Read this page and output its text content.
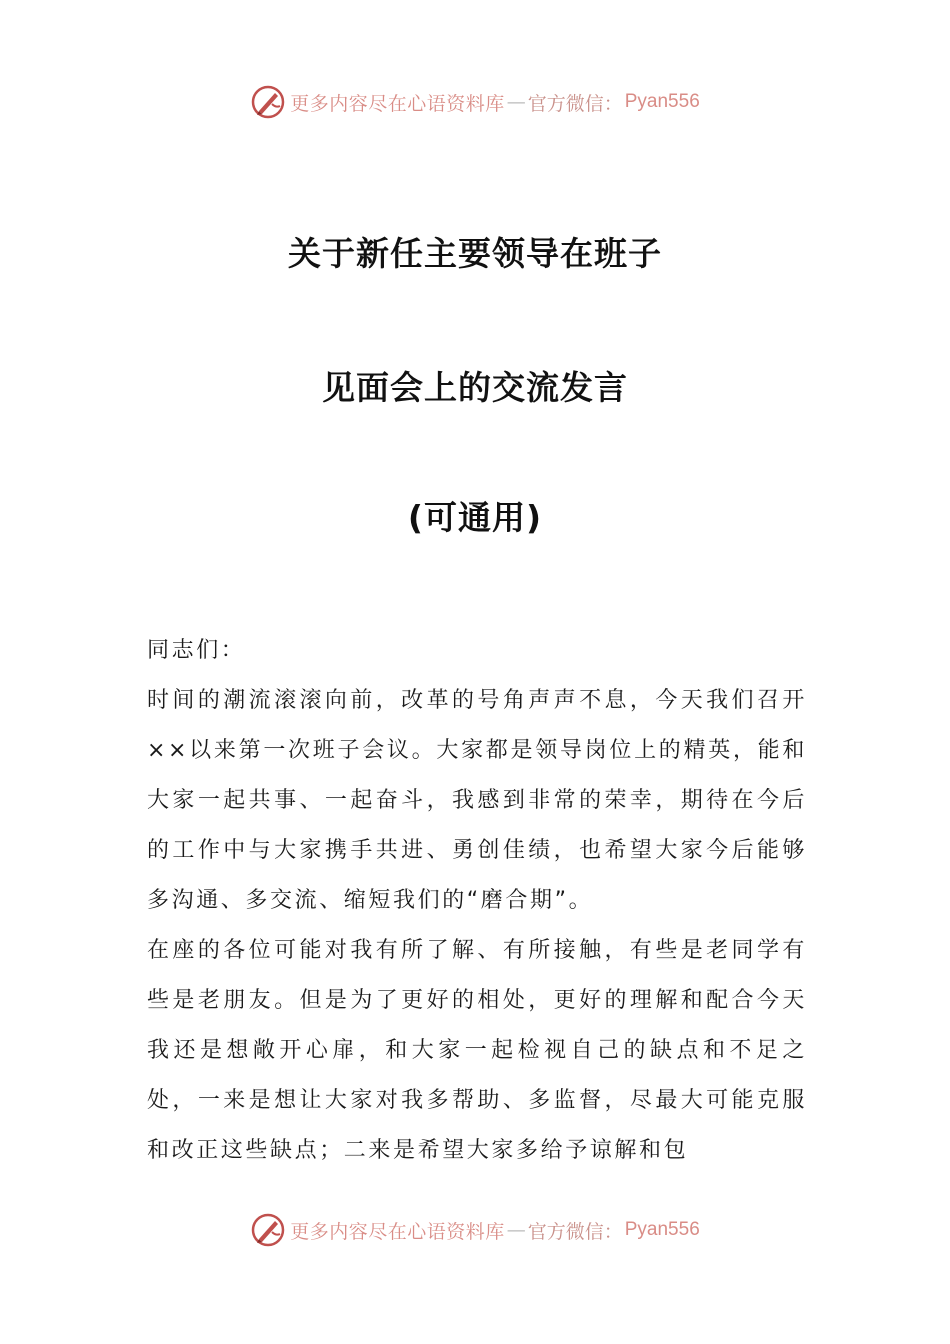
更多内容尽在心语资料库 — 官方微信： Pyan556
关于新任主要领导在班子
见面会上的交流发言
(可通用)
同志们：

时间的潮流滚滚向前，改革的号角声声不息，今天我们召开××以来第一次班子会议。大家都是领导岗位上的精英，能和大家一起共事、一起奋斗，我感到非常的荣幸，期待在今后的工作中与大家携手共进、勇创佳绩，也希望大家今后能够多沟通、多交流、缩短我们的“磨合期”。

在座的各位可能对我有所了解、有所接触，有些是老同学有些是老朋友。但是为了更好的相处，更好的理解和配合今天我还是想敞开心扉，和大家一起检视自己的缺点和不足之处，一来是想让大家对我多帮助、多监督，尽最大可能克服和改正这些缺点；二来是希望大家多给予谅解和包

更多内容尽在心语资料库 — 官方微信： Pyan556
